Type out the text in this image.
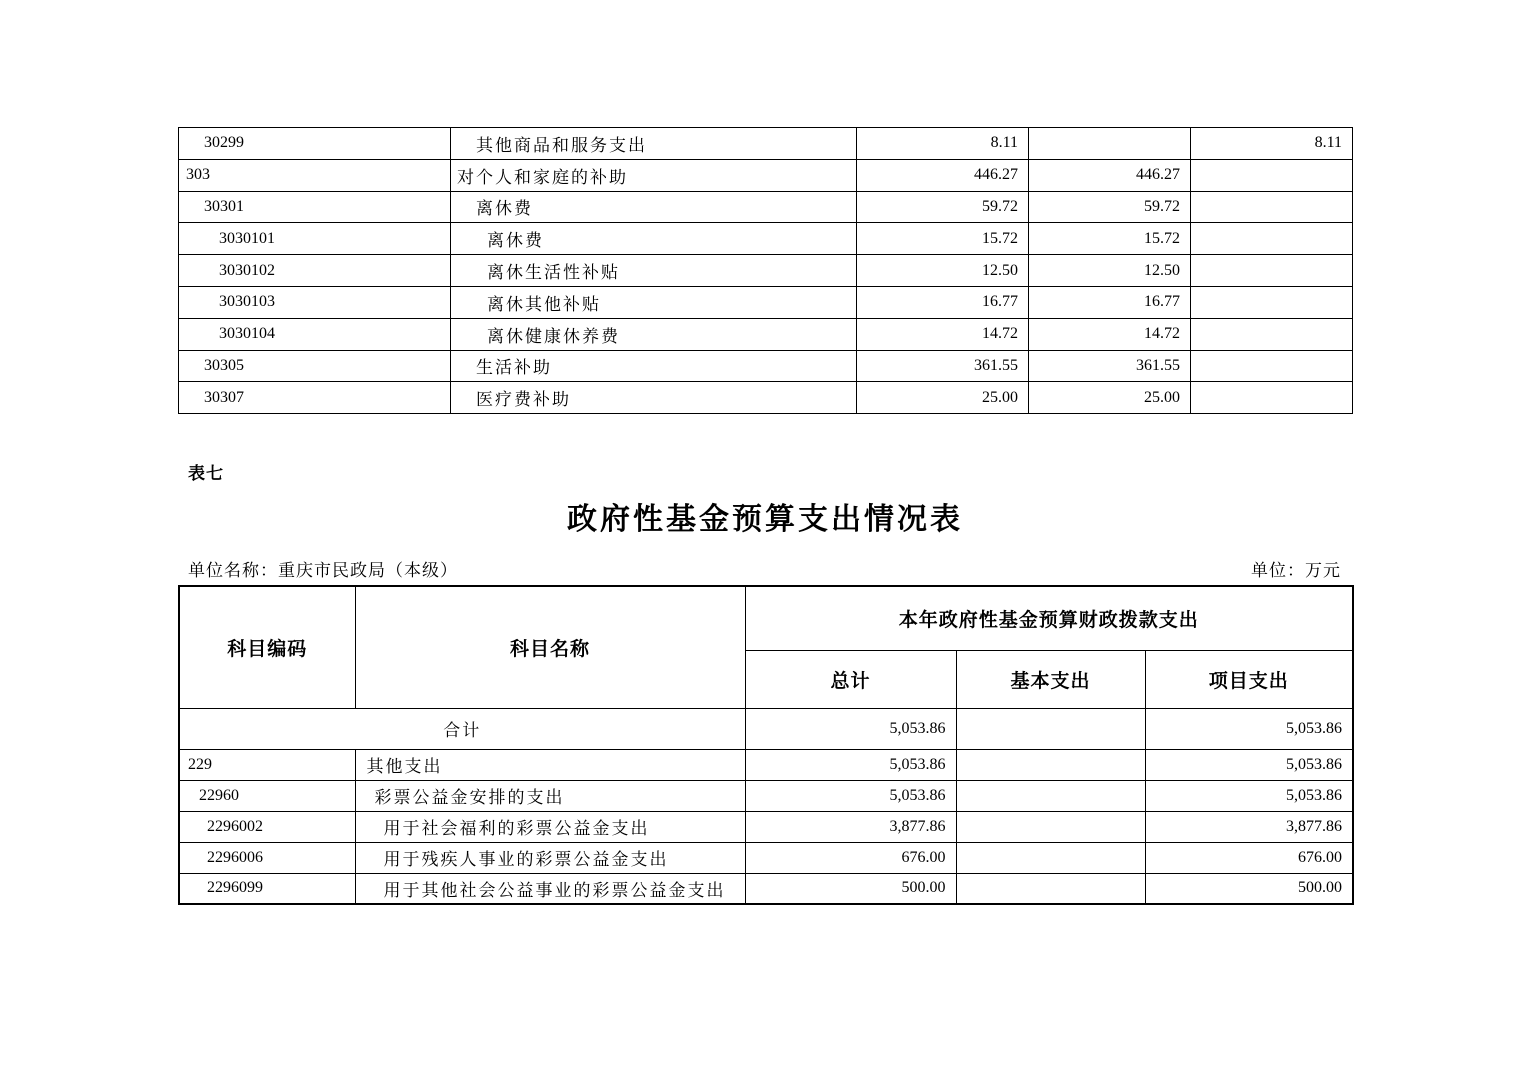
30299	其他商品和服务支出	8.11		8.11
303	对个人和家庭的补助	446.27	446.27	
30301	离休费	59.72	59.72	
3030101	离休费	15.72	15.72	
3030102	离休生活性补贴	12.50	12.50	
3030103	离休其他补贴	16.77	16.77	
3030104	离休健康休养费	14.72	14.72	
30305	生活补助	361.55	361.55	
30307	医疗费补助	25.00	25.00	
表七
政府性基金预算支出情况表
单位名称：重庆市民政局（本级）	单位：万元
科目编码	科目名称	本年政府性基金预算财政拨款支出		
		总计	基本支出	项目支出
合计		5,053.86		5,053.86
229	其他支出	5,053.86		5,053.86
22960	彩票公益金安排的支出	5,053.86		5,053.86
2296002	用于社会福利的彩票公益金支出	3,877.86		3,877.86
2296006	用于残疾人事业的彩票公益金支出	676.00		676.00
2296099	用于其他社会公益事业的彩票公益金支出	500.00		500.00
